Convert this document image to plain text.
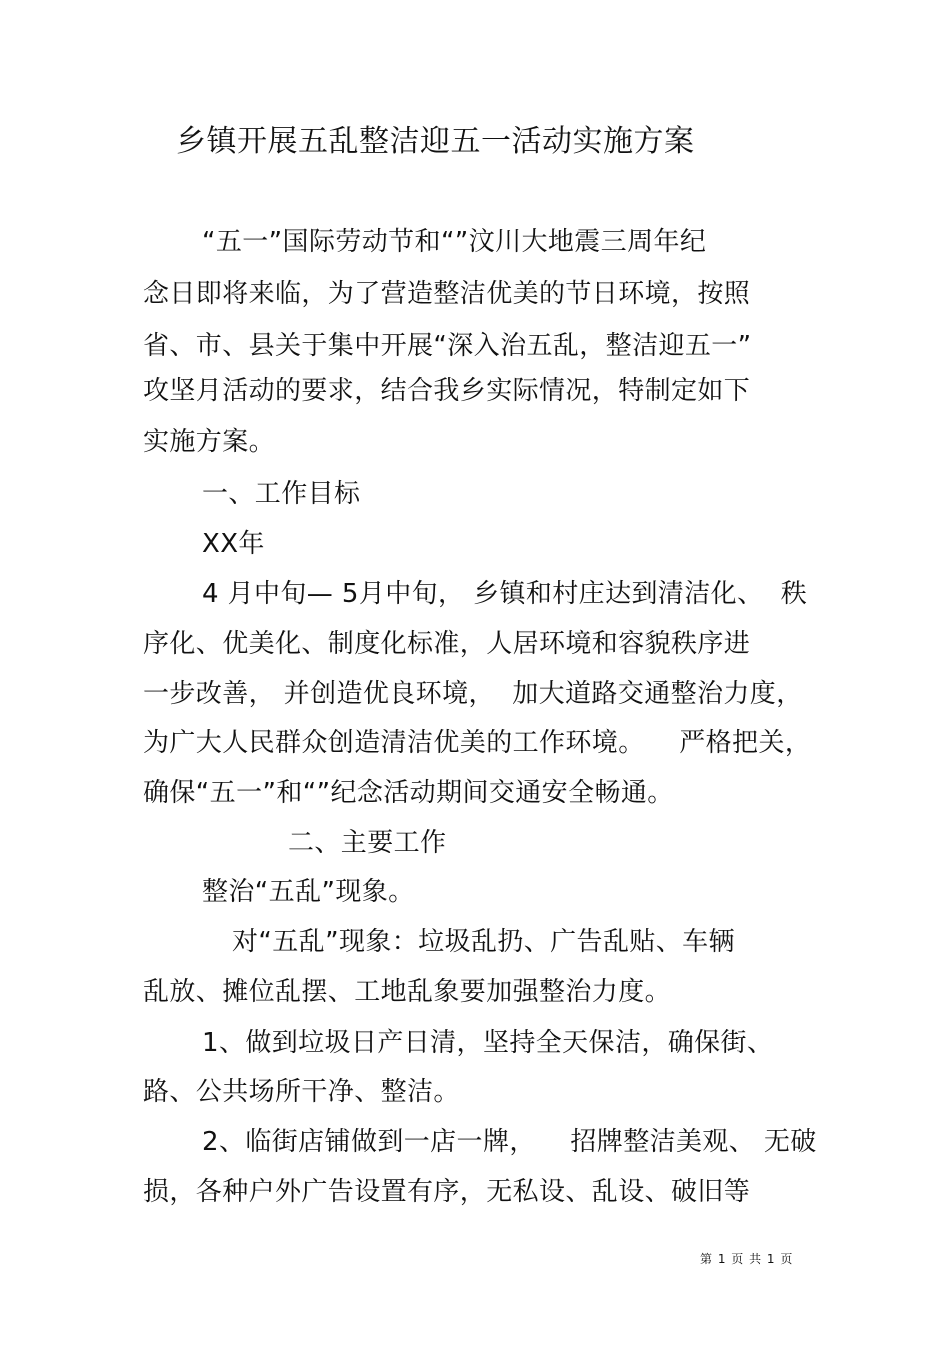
乡镇开展五乱整洁迎五一活动实施方案
“五一”国际劳动节和“”汶川大地震三周年纪
念日即将来临，为了营造整洁优美的节日环境，按照
省、市、县关于集中开展“深入治五乱，整洁迎五一”
攻坚月活动的要求，结合我乡实际情况，特制定如下
实施方案。
一、工作目标
XX年
4 月中旬— 5月中旬， 乡镇和村庄达到清洁化、  秩
序化、优美化、制度化标准，人居环境和容貌秩序进
一步改善， 并创造优良环境，  加大道路交通整治力度，
为广大人民群众创造清洁优美的工作环境。    严格把关，
确保“五一”和“”纪念活动期间交通安全畅通。
二、主要工作
整治“五乱”现象。
对“五乱”现象：垃圾乱扔、广告乱贴、车辆
乱放、摊位乱摆、工地乱象要加强整治力度。
1、做到垃圾日产日清，坚持全天保洁，确保街、
路、公共场所干净、整洁。
2、临街店铺做到一店一牌，    招牌整洁美观、 无破
损，各种户外广告设置有序，无私设、乱设、破旧等
第 1 页 共 1 页
